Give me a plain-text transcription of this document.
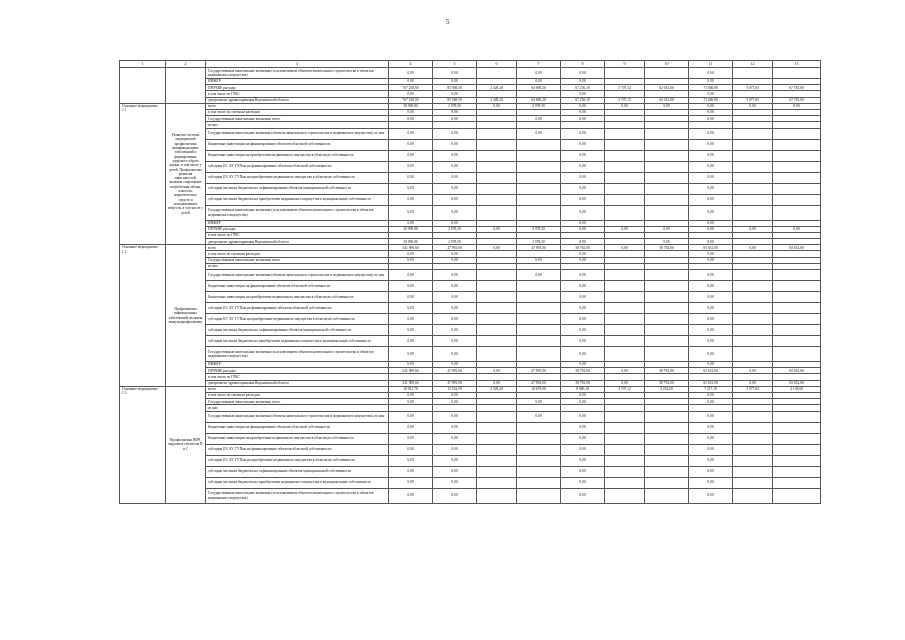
5
1	2	3	4	5	6	7	8	9	10	11	12	13
		Государственные капитальные вложения (за исключением объектов капитального строительства и объектов недвижимого имущества)	0,00	0,00		0,00	0,00			0,00		
		ИНЖЕР	0,00	0,00		0,00	0,00			0,00		
		ПРОЧИЕ расходы	767 238,50	85 568,50	2 328,20	64 669,20	67 256,10	5 707,12	62 014,00	73 460,80	5 077,63	67 782,00
		в том числе по ГРБС	0,00	0,00			0,00			0,00		
		департамент здравоохранения Воронежской области	767 238,50	85 568,50	2 328,20	64 669,20	67 256,10	5 707,12	62 014,00	73 460,80	5 077,63	67 782,00
Основное мероприятие 1.1	Развитие системы медицинской профилактики неинфекционных заболеваний и формирование здорового образа жизни, в том числе у детей. Профилактика развития зависимостей, включая сокращение потребления табака, алкоголя, наркотических средств и психоактивных веществ, в том числе у детей	всего	29 990,80	2 978,50	0,00	2 978,50	0,00	0,00	0,00	0,00	0,00	0,00
		в том числе по сметным расходам	0,00	0,00			0,00			0,00		
		Государственные капитальные вложения, всего	0,00	0,00		0,00	0,00			0,00		
		из них										
		Государственные капитальные вложения (объекты капитального строительства и недвижимого имущества), из них	0,00	0,00		0,00	0,00			0,00		
		Бюджетные инвестиции на финансирование объектов областной собственности	0,00	0,00			0,00			0,00		
		Бюджетные инвестиции на приобретение недвижимого имущества в областную собственность	0,00	0,00			0,00			0,00		
		субсидии ЕГ, АУ, ГУПам на финансирование объектов областной собственности	0,00	0,00			0,00			0,00		
		субсидии БУ, АУ, ГУПам на приобретение недвижимого имущества в областную собственность	0,00	0,00			0,00			0,00		
		субсидии местным бюджетам на софинансирование объектов муниципальной собственности	0,00	0,00			0,00			0,00		
		субсидии местным бюджетам на приобретение недвижимого имущества в муниципальную собственность	0,00	0,00			0,00			0,00		
		Государственные капитальные вложения (за исключением объектов капитального строительства и объектов недвижимого имущества)	0,00	0,00			0,00			0,00		
		ИНЖЕР	0,00	0,00			0,00			0,00		
		ПРОЧИЕ расходы	29 990,80	2 978,50	0,00	2 978,50	0,00	0,00	0,00	0,00	0,00	0,00
		в том числе по ГРБС										
		департамент здравоохранения Воронежской области	29 990,80	2 978,50		2 978,50	0,00		0,00	0,00		
Основное мероприятие 1.2	Профилактика инфекционных заболеваний, включая иммунопрофилактику	всего	541 909,60	47 993,00	0,00	47 993,00	58 792,00	0,00	58 792,00	65 652,00	0,00	65 652,00
		в том числе по сметным расходам	0,00	0,00			0,00			0,00		
		Государственные капитальные вложения, всего	0,00	0,00		0,00	0,00			0,00		
		из них										
		Государственные капитальные вложения (объекты капитального строительства и недвижимого имущества), из них	0,00	0,00		0,00	0,00			0,00		
		Бюджетные инвестиции на финансирование объектов областной собственности	0,00	0,00			0,00			0,00		
		Бюджетные инвестиции на приобретение недвижимого имущества в областную собственность	0,00	0,00			0,00			0,00		
		субсидии БУ, АУ, ГУПам на финансирование объектов областной собственности	0,00	0,00			0,00			0,00		
		субсидии БУ, АУ, ГУПам на приобретение недвижимого имущества в областную собственность	0,00	0,00			0,00			0,00		
		субсидии местным бюджетам на софинансирование объектов муниципальной собственности	0,00	0,00			0,00			0,00		
		субсидии местным бюджетам на приобретение недвижимого имущества в муниципальную собственность	0,00	0,00			0,00			0,00		
		Государственные капитальные вложения (за исключением объектов капитального строительства и объектов недвижимого имущества)	0,00	0,00			0,00			0,00		
		ИНЖЕР	0,00	0,00			0,00			0,00		
		ПРОЧИЕ расходы	541 909,60	47 993,00	0,00	47 993,00	58 792,00	0,00	58 792,00	65 652,00	0,00	65 652,00
		в том числе по ГРБС										
		департамент здравоохранения Воронежской области	541 909,60	47 993,00	0,00	47 993,00	58 792,00	0,00	58 792,00	65 652,00	0,00	65 652,00
Основное мероприятие 1.3	Профилактика ВИЧ, вирусных гепатитов В и С	всего	18 921,70	13 162,50	2 328,20	10 679,00	8 960,10	5 707,12	3 252,00	7 217,10	5 077,63	2 139,00
		в том числе по сметным расходам	0,00	0,00			0,00			0,00		
		Государственные капитальные вложения, всего	0,00	0,00		0,00	0,00			0,00		
		из них										
		Государственные капитальные вложения (объекты капитального строительства и недвижимого имущества), из них	0,00	0,00		0,00	0,00			0,00		
		Бюджетные инвестиции на финансирование объектов областной собственности	0,00	0,00			0,00			0,00		
		Бюджетные инвестиции на приобретение недвижимого имущества в областную собственность	0,00	0,00			0,00			0,00		
		субсидии БУ, АУ, ГУПам на финансирование объектов областной собственности	0,00	0,00			0,00			0,00		
		субсидии БУ, АУ, ГУПам на приобретение недвижимого имущества в областную собственность	0,00	0,00			0,00			0,00		
		субсидии местным бюджетам на софинансирование объектов муниципальной собственности	0,00	0,00			0,00			0,00		
		субсидии местным бюджетам на приобретение недвижимого имущества в муниципальную собственность	0,00	0,00			0,00			0,00		
		Государственные капитальные вложения (за исключением объектов капитального строительства и объектов недвижимого имущества)	0,00	0,00			0,00			0,00		
